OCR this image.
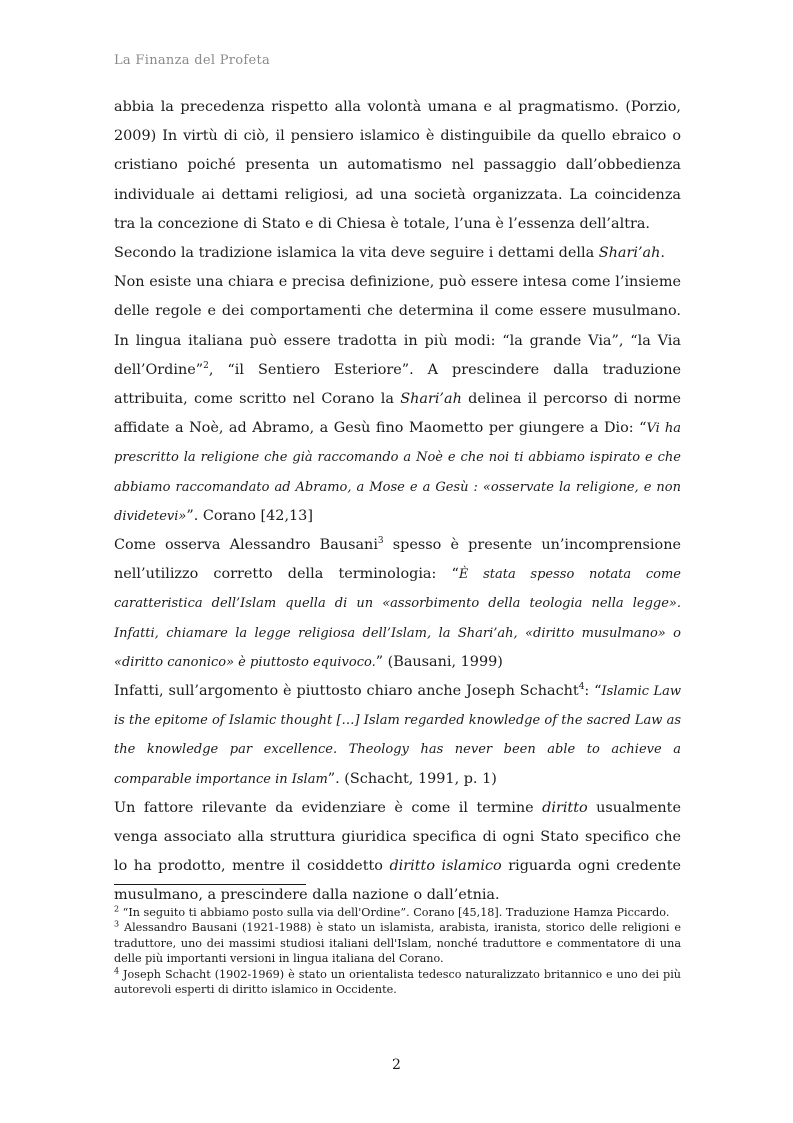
La Finanza del Profeta

abbia la precedenza rispetto alla volontà umana e al pragmatismo. (Porzio, 2009) In virtù di ciò, il pensiero islamico è distinguibile da quello ebraico o cristiano poiché presenta un automatismo nel passaggio dall’obbedienza individuale ai dettami religiosi, ad una società organizzata. La coincidenza tra la concezione di Stato e di Chiesa è totale, l’una è l’essenza dell’altra.

Secondo la tradizione islamica la vita deve seguire i dettami della Shari’ah.

Non esiste una chiara e precisa definizione, può essere intesa come l’insieme delle regole e dei comportamenti che determina il come essere musulmano. In lingua italiana può essere tradotta in più modi: “la grande Via”, “la Via dell’Ordine”$^2$, “il Sentiero Esteriore”. A prescindere dalla traduzione attribuita, come scritto nel Corano la Shari’ah delinea il percorso di norme affidate a Noè, ad Abramo, a Gesù fino Maometto per giungere a Dio: “Vi ha prescritto la religione che già raccomando a Noè e che noi ti abbiamo ispirato e che abbiamo raccomandato ad Abramo, a Mose e a Gesù : «osservate la religione, e non dividetevi»”. Corano [42,13]

Come osserva Alessandro Bausani$^3$ spesso è presente un’incomprensione nell’utilizzo corretto della terminologia: “È stata spesso notata come caratteristica dell’Islam quella di un «assorbimento della teologia nella legge». Infatti, chiamare la legge religiosa dell’Islam, la Shari’ah, «diritto musulmano» o «diritto canonico» è piuttosto equivoco.” (Bausani, 1999)

Infatti, sull’argomento è piuttosto chiaro anche Joseph Schacht$^4$: “Islamic Law is the epitome of Islamic thought […] Islam regarded knowledge of the sacred Law as the knowledge par excellence. Theology has never been able to achieve a comparable importance in Islam”. (Schacht, 1991, p. 1)

Un fattore rilevante da evidenziare è come il termine diritto usualmente venga associato alla struttura giuridica specifica di ogni Stato specifico che lo ha prodotto, mentre il cosiddetto diritto islamico riguarda ogni credente musulmano, a prescindere dalla nazione o dall’etnia.

$^2$ “In seguito ti abbiamo posto sulla via dell'Ordine”. Corano [45,18]. Traduzione Hamza Piccardo.

$^3$ Alessandro Bausani (1921-1988) è stato un islamista, arabista, iranista, storico delle religioni e traduttore, uno dei massimi studiosi italiani dell'Islam, nonché traduttore e commentatore di una delle più importanti versioni in lingua italiana del Corano.

$^4$ Joseph Schacht (1902-1969) è stato un orientalista tedesco naturalizzato britannico e uno dei più autorevoli esperti di diritto islamico in Occidente.

2
